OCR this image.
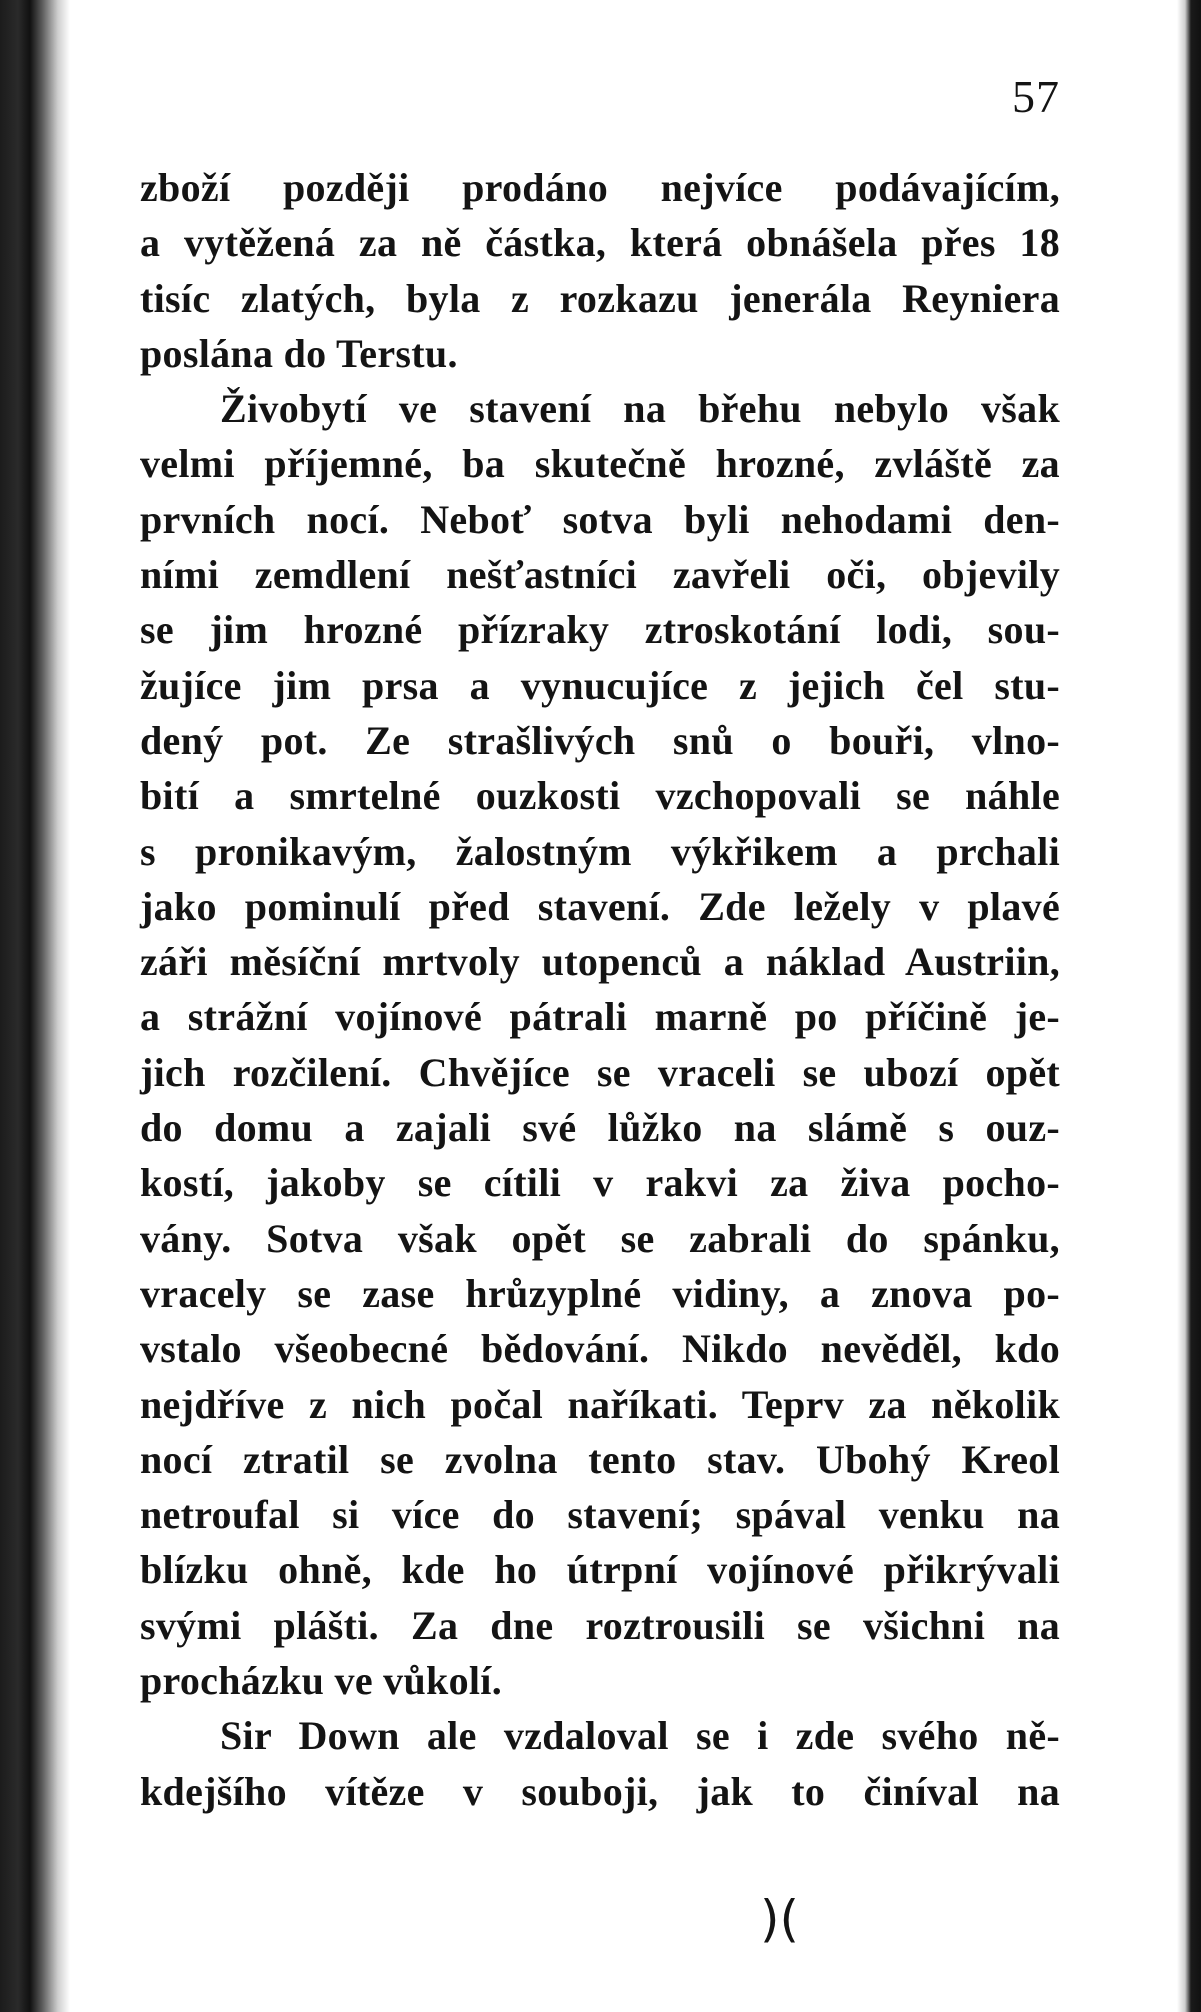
57
zboží později prodáno nejvíce podávajícím,
a vytěžená za ně částka, která obnášela přes 18
tisíc zlatých, byla z rozkazu jenerála Reyniera
poslána do Terstu.
Živobytí ve stavení na břehu nebylo však
velmi příjemné, ba skutečně hrozné, zvláště za
prvních nocí. Neboť sotva byli nehodami den-
ními zemdlení nešťastníci zavřeli oči, objevily
se jim hrozné přízraky ztroskotání lodi, sou-
žujíce jim prsa a vynucujíce z jejich čel stu-
dený pot. Ze strašlivých snů o bouři, vlno-
bití a smrtelné ouzkosti vzchopovali se náhle
s pronikavým, žalostným výkřikem a prchali
jako pominulí před stavení. Zde ležely v plavé
záři měsíční mrtvoly utopenců a náklad Austriin,
a strážní vojínové pátrali marně po příčině je-
jich rozčilení. Chvějíce se vraceli se ubozí opět
do domu a zajali své lůžko na slámě s ouz-
kostí, jakoby se cítili v rakvi za živa pocho-
vány. Sotva však opět se zabrali do spánku,
vracely se zase hrůzyplné vidiny, a znova po-
vstalo všeobecné bědování. Nikdo nevěděl, kdo
nejdříve z nich počal naříkati. Teprv za několik
nocí ztratil se zvolna tento stav. Ubohý Kreol
netroufal si více do stavení; spával venku na
blízku ohně, kde ho útrpní vojínové přikrývali
svými plášti. Za dne roztrousili se všichni na
procházku ve vůkolí.
Sir Down ale vzdaloval se i zde svého ně-
kdejšího vítěze v souboji, jak to činíval na
)(
